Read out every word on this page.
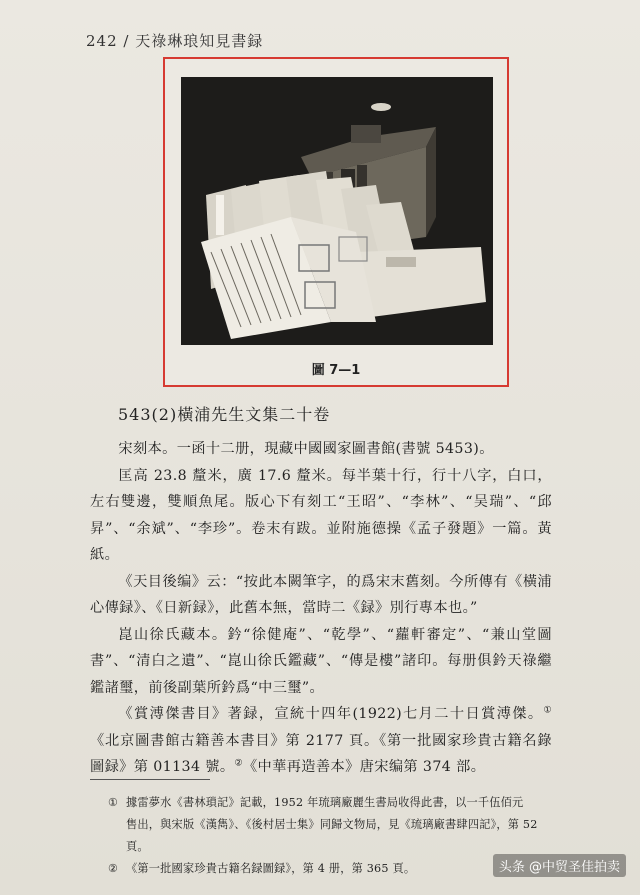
242 / 天祿琳琅知見書録
圖 7—1
543(2)橫浦先生文集二十卷

宋刻本。一函十二册，現藏中國國家圖書館(書號 5453)。

匡高 23.8 釐米，廣 17.6 釐米。每半葉十行，行十八字，白口，左右雙邊，雙順魚尾。版心下有刻工“王昭”、“李林”、“吴瑞”、“邱昇”、“余斌”、“李珍”。卷末有跋。並附施德操《孟子發題》一篇。黃紙。

《天目後编》云：“按此本闕筆字，的爲宋末舊刻。今所傳有《橫浦心傳録》、《日新録》，此舊本無，當時二《録》別行專本也。”

崑山徐氏藏本。鈐“徐健庵”、“乾學”、“蘿軒審定”、“兼山堂圖書”、“清白之遺”、“崑山徐氏鑑藏”、“傳是樓”諸印。每册俱鈐天祿繼鑑諸璽，前後副葉所鈐爲“中三璽”。

《賞溥傑書目》著録，宣統十四年(1922)七月二十日賞溥傑。①《北京圖書館古籍善本書目》第 2177 頁。《第一批國家珍貴古籍名錄圖録》第 01134 號。②《中華再造善本》唐宋编第 374 部。

① 據雷夢水《書林瑣記》記載，1952 年琉璃廠麗生書局收得此書，以一千伍佰元
售出，與宋版《漢雋》、《後村居士集》同歸文物局，見《琉璃廠書肆四記》，第 52 頁。
② 《第一批國家珍貴古籍名録圖録》，第 4 册，第 365 頁。	头条 @中贸圣佳拍卖
